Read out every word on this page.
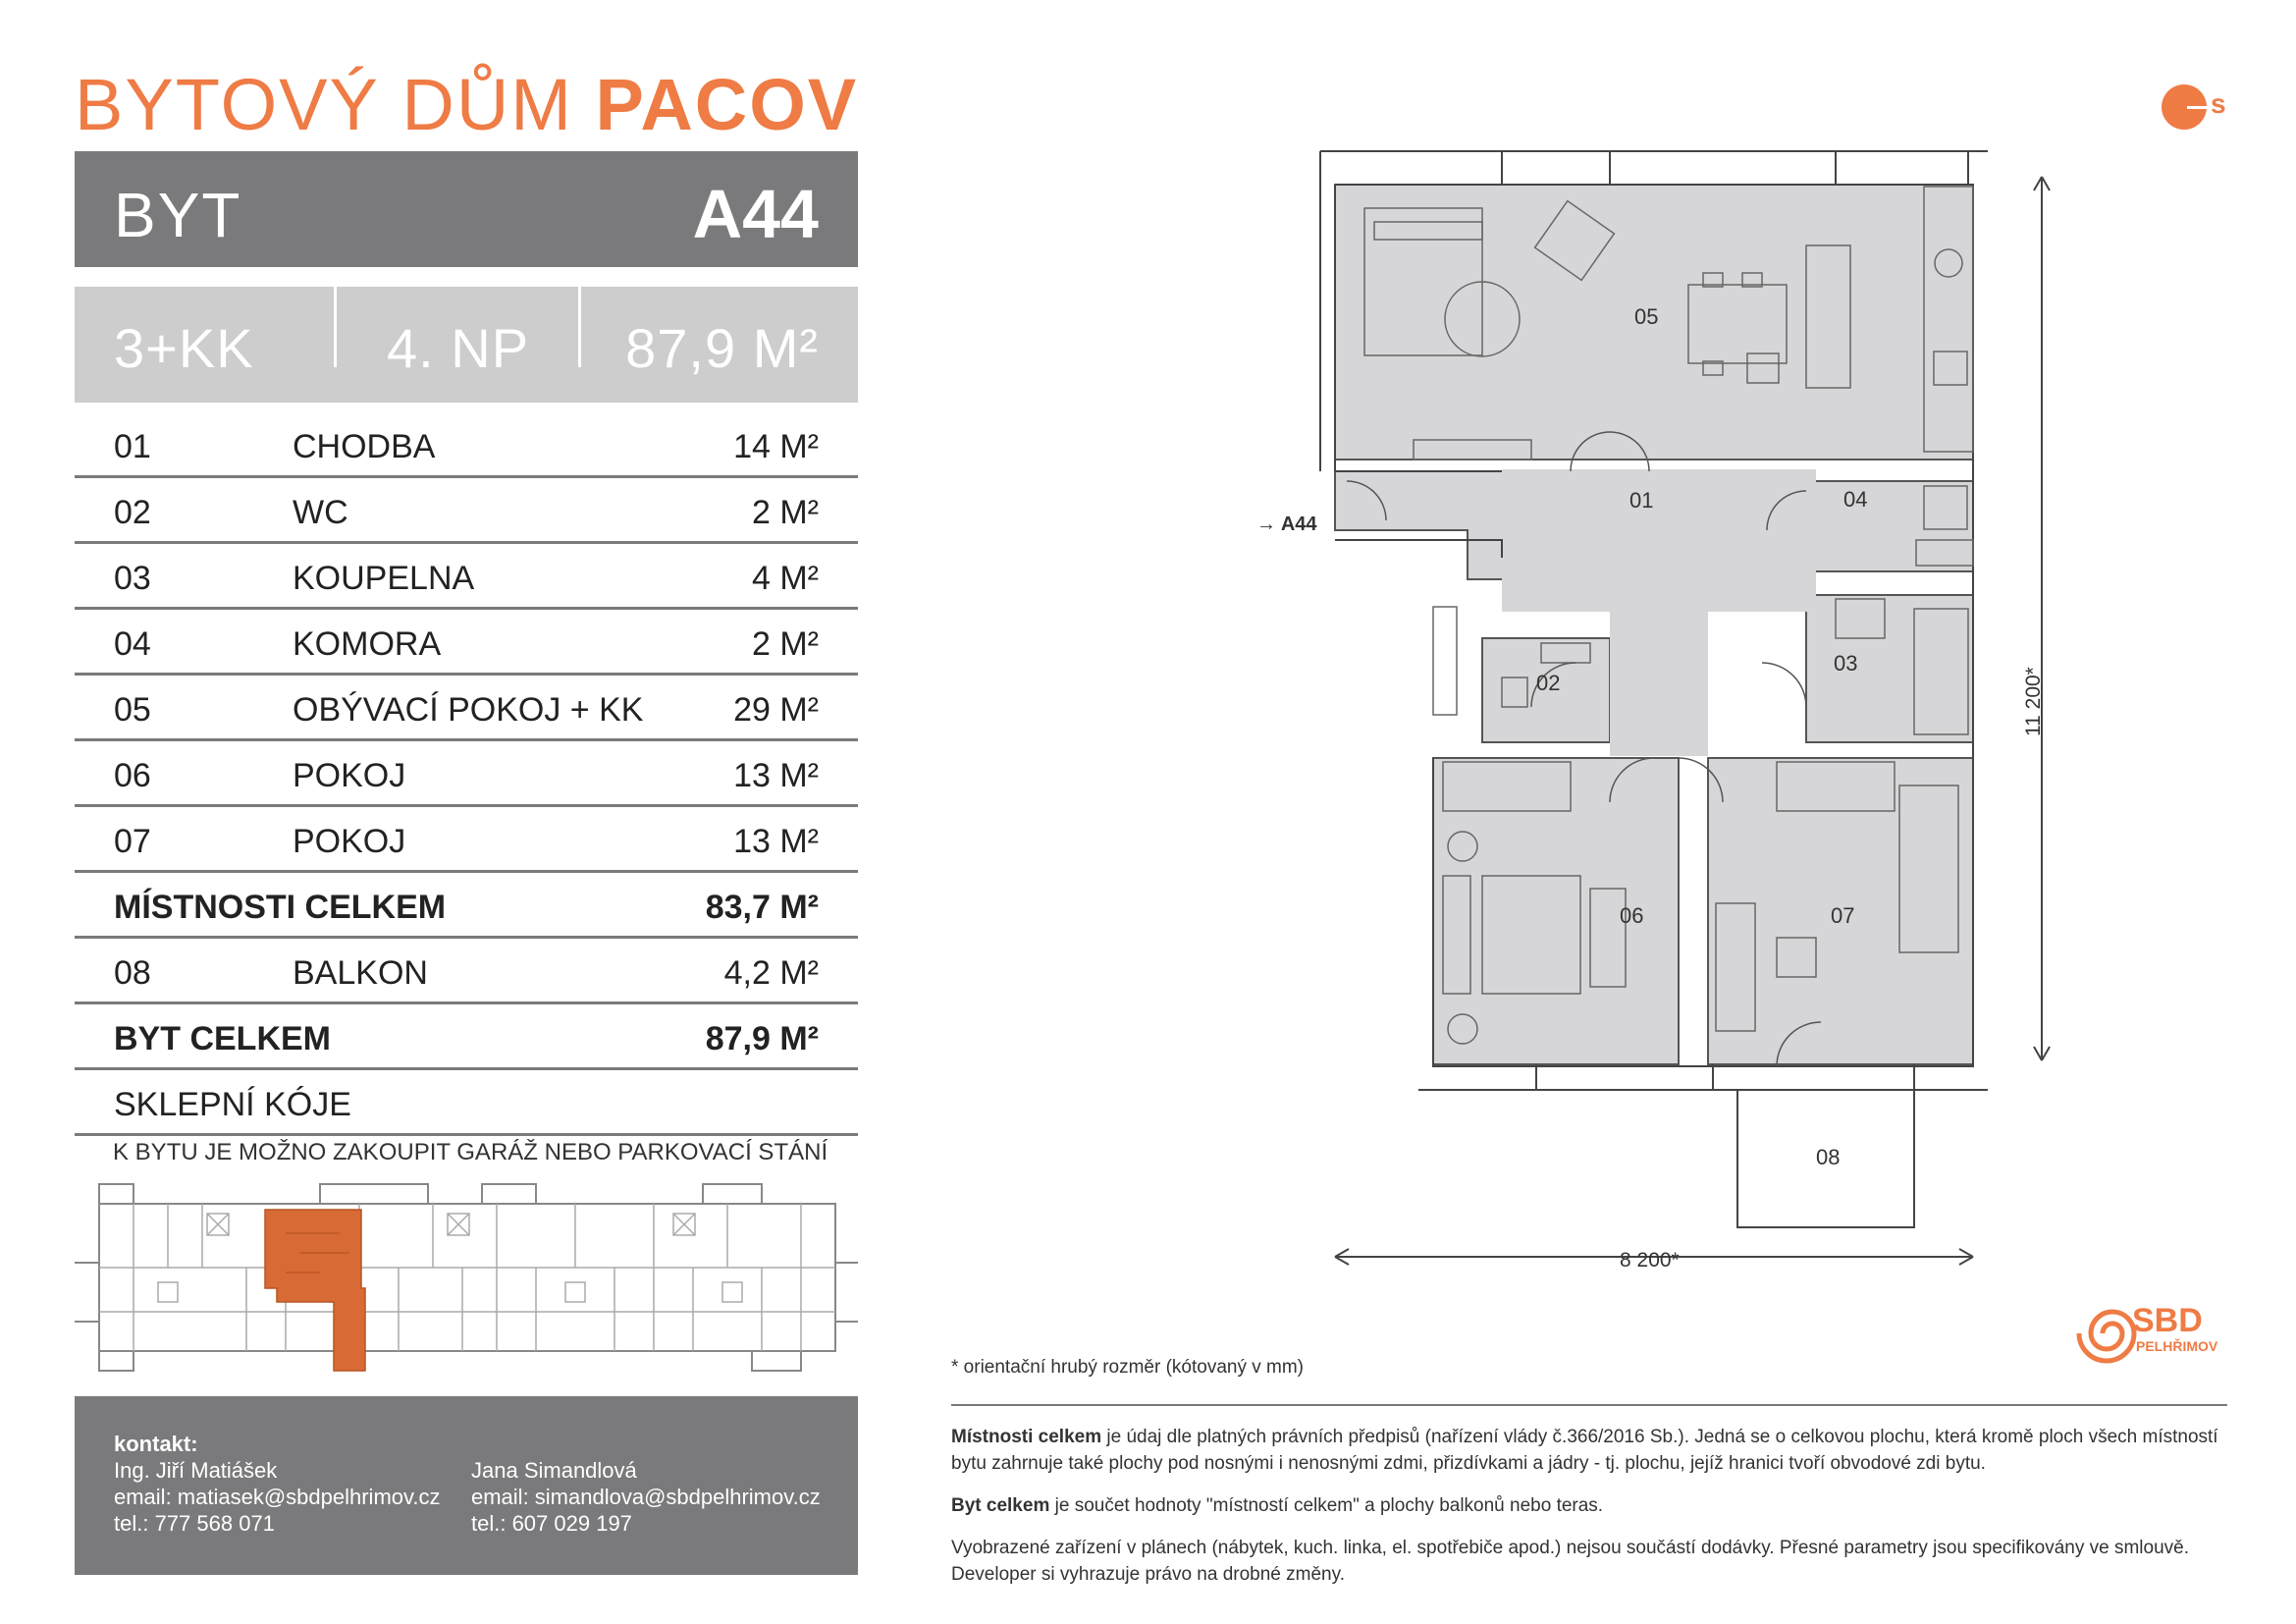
BYTOVÝ DŮM PACOV
BYT	A44
3+KK 4. NP 87,9 M²
01	CHODBA	14 M²
02	WC	2 M²
03	KOUPELNA	4 M²
04	KOMORA	2 M²
05	OBÝVACÍ POKOJ + KK	29 M²
06	POKOJ	13 M²
07	POKOJ	13 M²
MÍSTNOSTI CELKEM	83,7 M²
08	BALKON	4,2 M²
BYT CELKEM	87,9 M²
SKLEPNÍ KÓJE
K BYTU JE MOŽNO ZAKOUPIT GARÁŽ NEBO PARKOVACÍ STÁNÍ
kontakt:
Ing. Jiří Matiášek
email: matiasek@sbdpelhrimov.cz
tel.: 777 568 071
Jana Simandlová
email: simandlova@sbdpelhrimov.cz
tel.: 607 029 197
s
05
01	04
02
03
06	07
08
→ A44
8 200*
11 200*
SBD
PELHŘIMOV
* orientační hrubý rozměr (kótovaný v mm)

Místnosti celkem je údaj dle platných právních předpisů (nařízení vlády č.366/2016 Sb.). Jedná se o celkovou plochu, která kromě ploch všech místností bytu zahrnuje také plochy pod nosnými i nenosnými zdmi, přizdívkami a jádry - tj. plochu, jejíž hranici tvoří obvodové zdi bytu.

Byt celkem je součet hodnoty "místností celkem" a plochy balkonů nebo teras.

Vyobrazené zařízení v plánech (nábytek, kuch. linka, el. spotřebiče apod.) nejsou součástí dodávky. Přesné parametry jsou specifikovány ve smlouvě. Developer si vyhrazuje právo na drobné změny.
